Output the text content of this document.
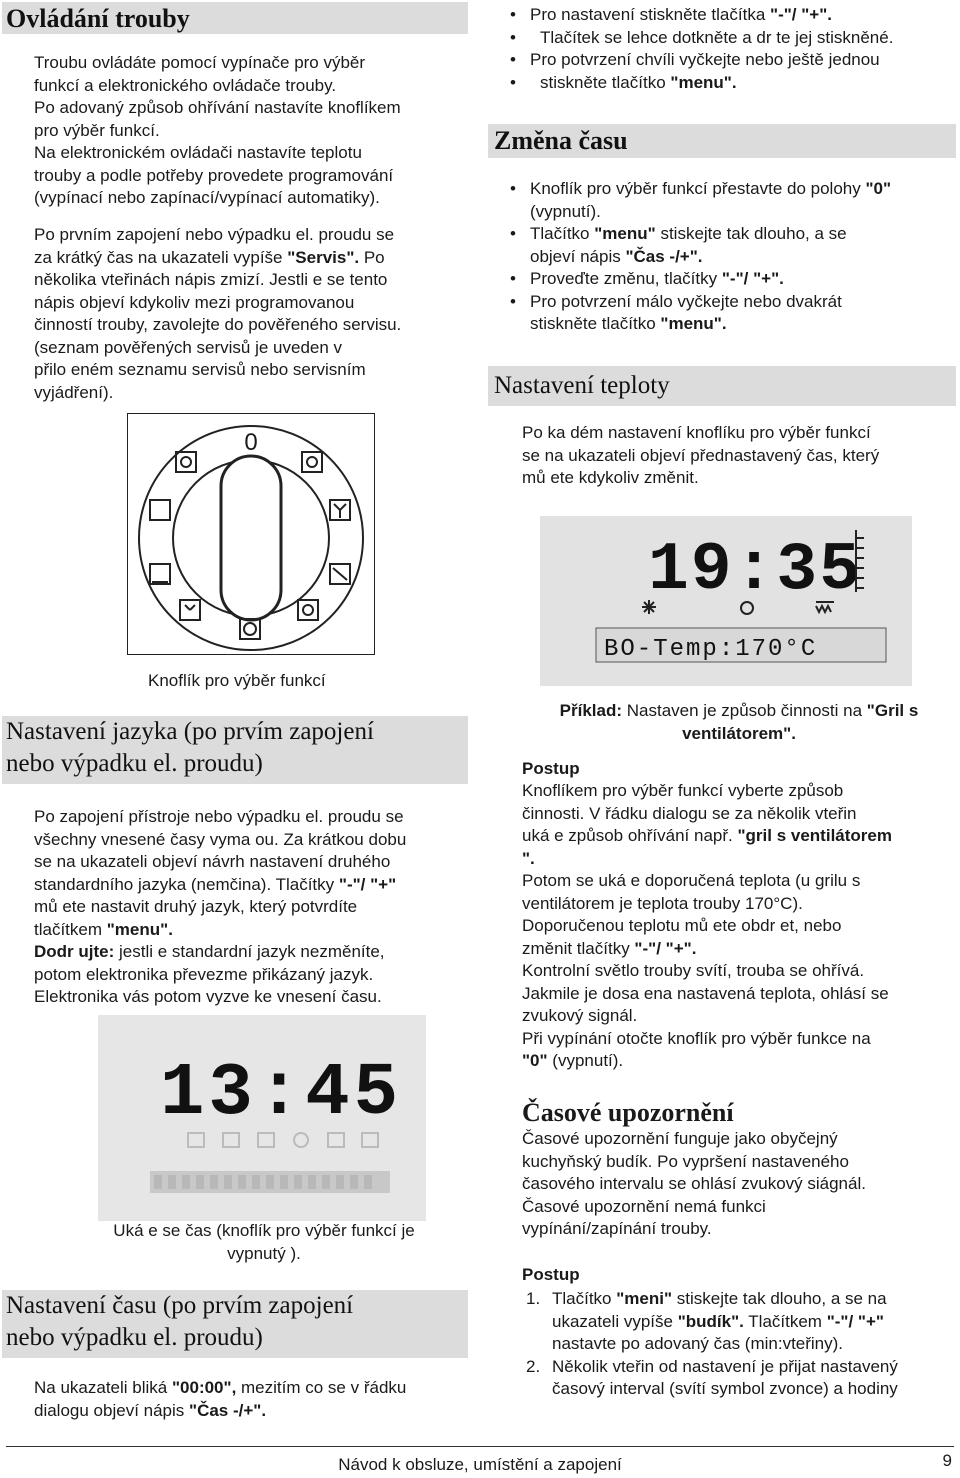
Ovládání trouby
Troubu ovládáte pomocí vypínače pro výběr
funkcí a elektronického ovládače trouby.
Po adovaný způsob ohřívání nastavíte knoflíkem
pro výběr funkcí.
Na elektronickém ovládači nastavíte teplotu
trouby a podle potřeby provedete programování
(vypínací nebo zapínací/vypínací automatiky).
Po prvním zapojení nebo výpadku el. proudu se
za krátký čas na ukazateli vypíše "Servis". Po
několika vteřinách nápis zmizí. Jestli e se tento
nápis objeví kdykoliv mezi programovanou
činností trouby, zavolejte do pověřeného servisu.
(seznam pověřených servisů je uveden v
přilo eném seznamu servisů nebo servisním
vyjádření).
0
Knoflík pro výběr funkcí
Nastavení jazyka (po prvím zapojení
nebo výpadku el. proudu)
Po zapojení přístroje nebo výpadku el. proudu se
všechny vnesené časy vyma ou. Za krátkou dobu
se na ukazateli objeví návrh nastavení druhého
standardního jazyka (nemčina). Tlačítky "-"/ "+"
mů ete nastavit druhý jazyk, který potvrdíte
tlačítkem "menu".
Dodr ujte: jestli e standardní jazyk nezměníte,
potom elektronika převezme přikázaný jazyk.
Elektronika vás potom vyzve ke vnesení času.
13:45
Uká e se čas (knoflík pro výběr funkcí je
vypnutý ).
Nastavení času (po prvím zapojení
nebo výpadku el. proudu)
Na ukazateli bliká "00:00", mezitím co se v řádku
dialogu objeví nápis "Čas -/+".
• Pro nastavení stiskněte tlačítka "-"/ "+".
• Tlačítek se lehce dotkněte a dr te jej stiskněné.
• Pro potvrzení chvíli vyčkejte nebo ještě jednou
• stiskněte tlačítko "menu".
Změna času
• Knoflík pro výběr funkcí přestavte do polohy "0"
(vypnutí).
• Tlačítko "menu" stiskejte tak dlouho, a se
objeví nápis "Čas -/+".
• Proveďte změnu, tlačítky "-"/ "+".
• Pro potvrzení málo vyčkejte nebo dvakrát
stiskněte tlačítko "menu".
Nastavení teploty
Po ka dém nastavení knoflíku pro výběr funkcí
se na ukazateli objeví přednastavený čas, který
mů ete kdykoliv změnit.
19:35
BO-Temp:170°C
Příklad: Nastaven je způsob činnosti na "Gril s
ventilátorem".
Postup
Knoflíkem pro výběr funkcí vyberte způsob
činnosti. V řádku dialogu se za několik vteřin
uká e způsob ohřívání např. "gril s ventilátorem
".
Potom se uká e doporučená teplota (u grilu s
ventilátorem je teplota trouby 170°C).
Doporučenou teplotu mů ete obdr et, nebo
změnit tlačítky "-"/ "+".
Kontrolní světlo trouby svítí, trouba se ohřívá.
Jakmile je dosa ena nastavená teplota, ohlásí se
zvukový signál.
Při vypínání otočte knoflík pro výběr funkce na
"0" (vypnutí).
Časové upozornění
Časové upozornění funguje jako obyčejný
kuchyňský budík. Po vypršení nastaveného
časového intervalu se ohlásí zvukový siágnál.
Časové upozornění nemá funkci
vypínání/zapínání trouby.
Postup
1. Tlačítko "meni" stiskejte tak dlouho, a se na
ukazateli vypíše "budík". Tlačítkem "-"/ "+"
nastavte po adovaný čas (min:vteřiny).
2. Několik vteřin od nastavení je přijat nastavený
časový interval (svítí symbol zvonce) a hodiny
Návod k obsluze, umístění a zapojení	9
